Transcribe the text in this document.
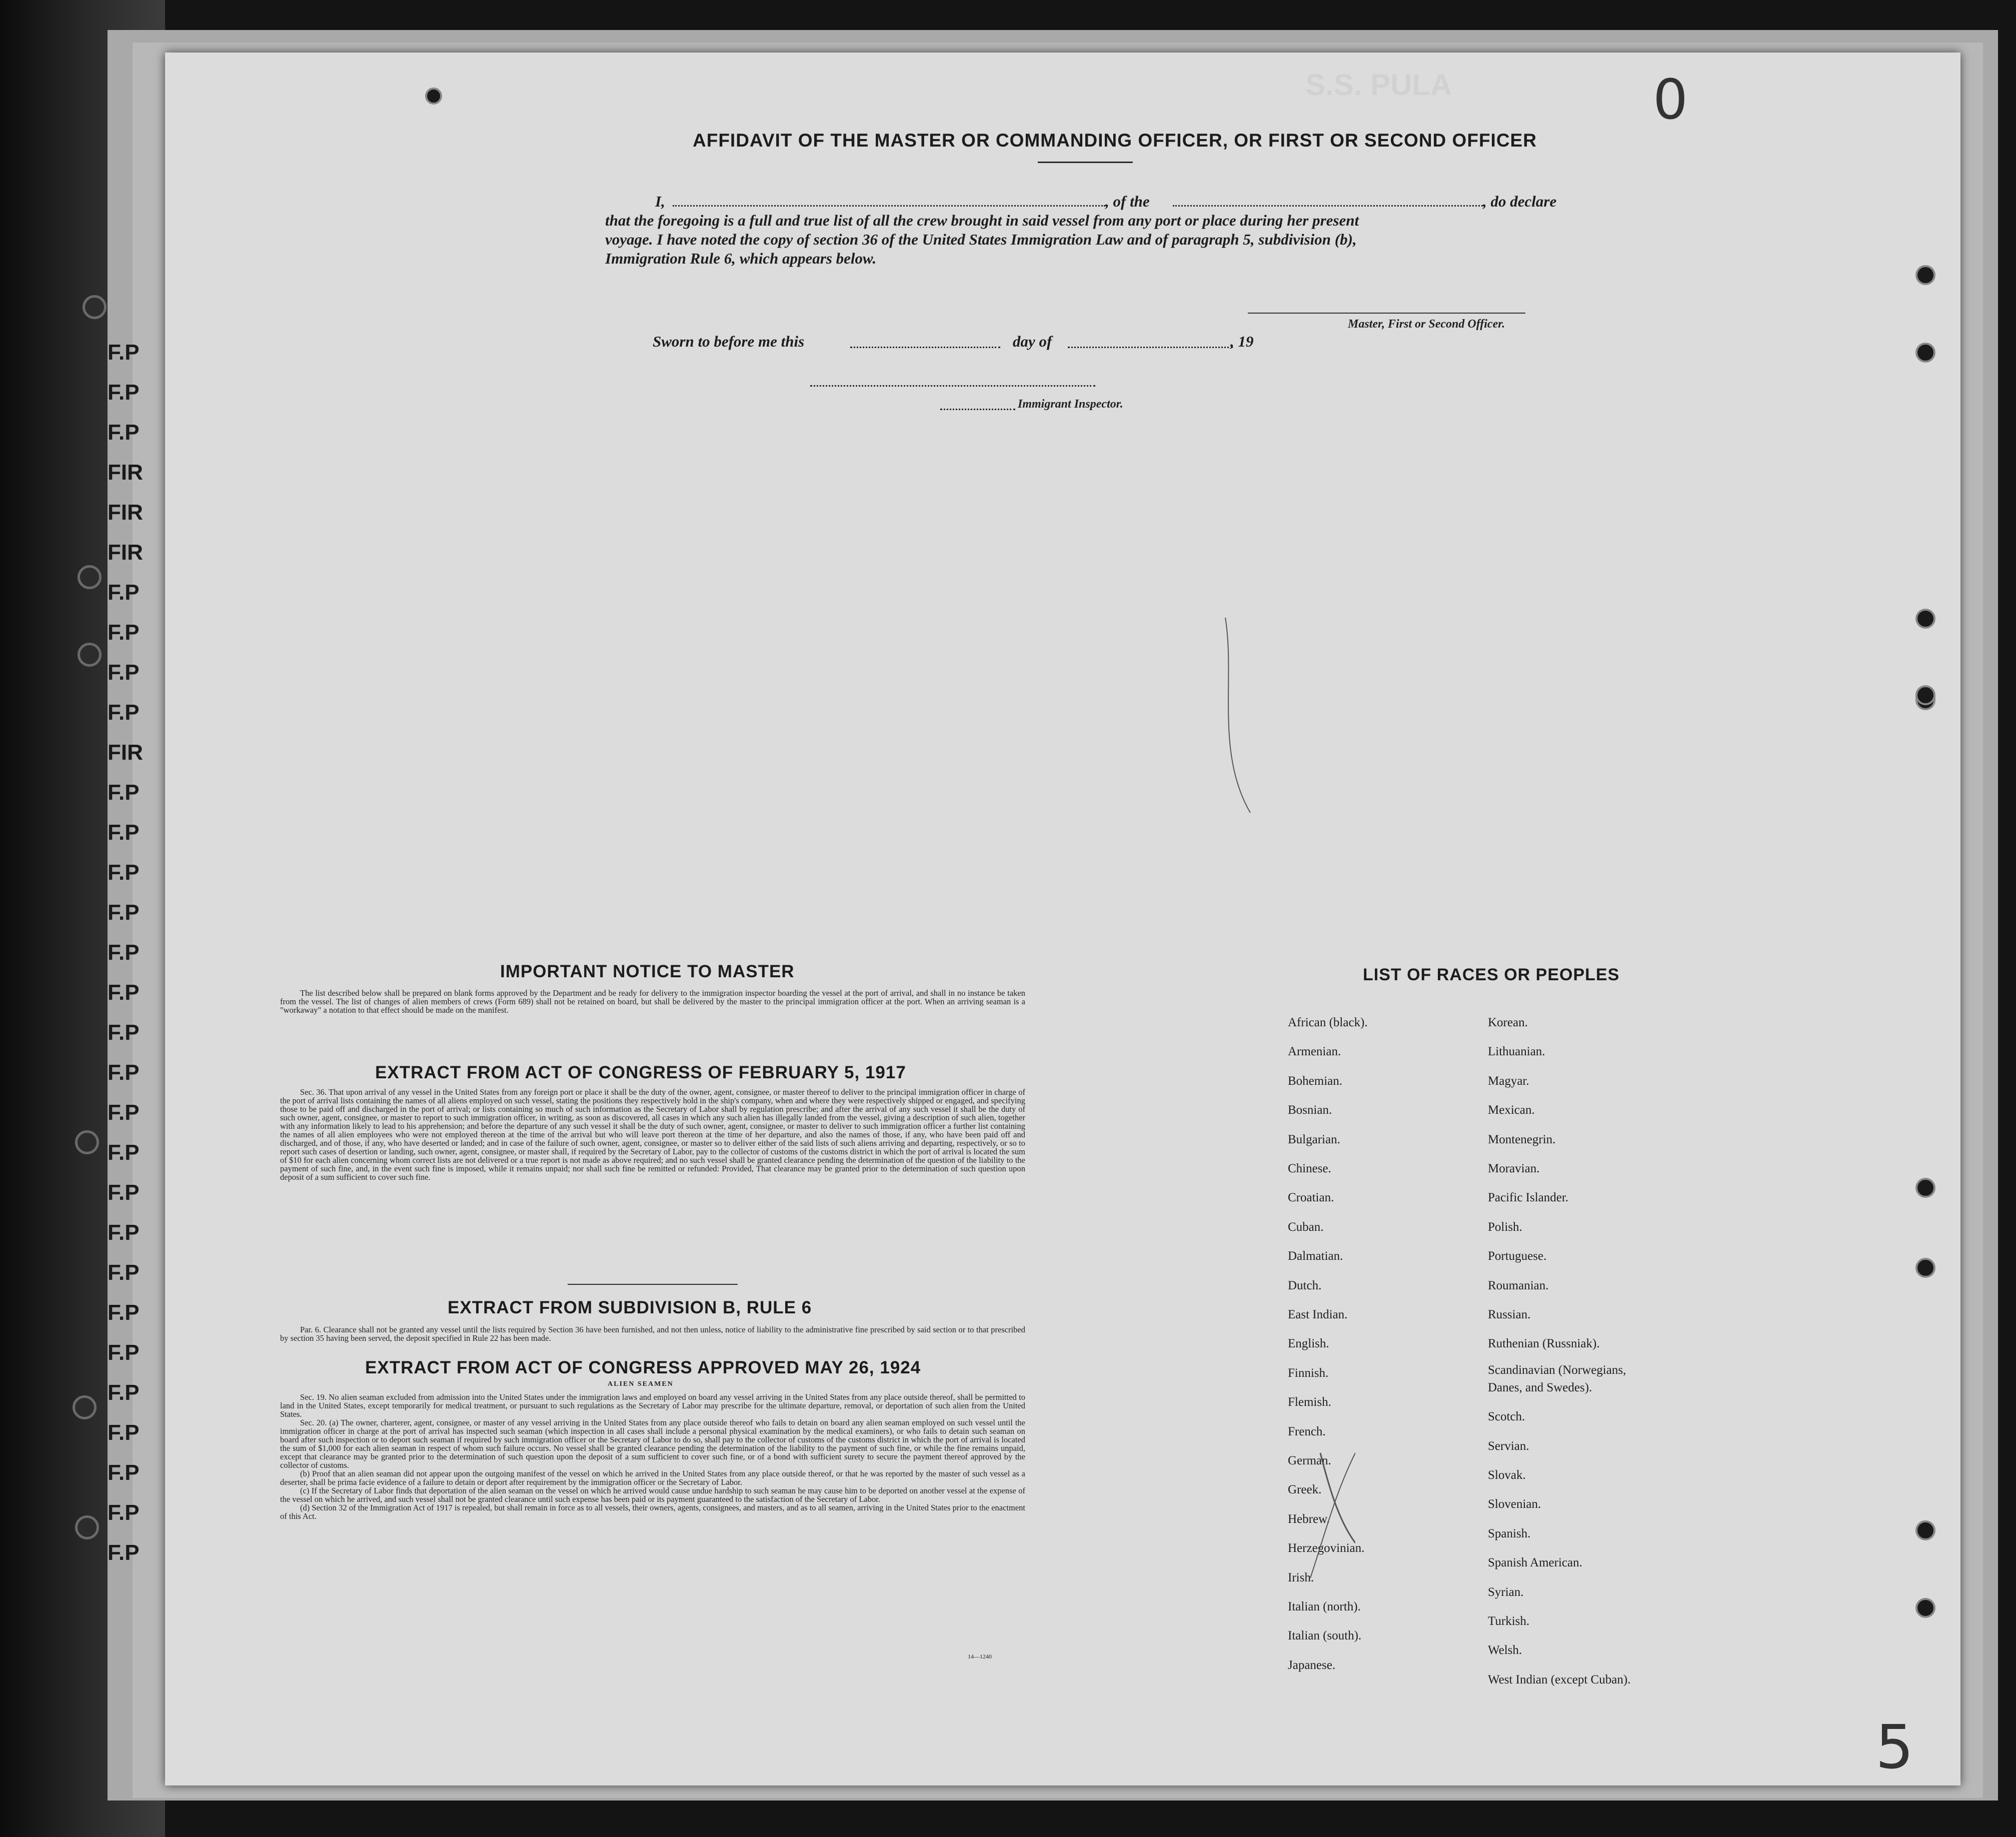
F.P
F.P
F.P
FIR
FIR
FIR
F.P
F.P
F.P
F.P
FIR
F.P
F.P
F.P
F.P
F.P
F.P
F.P
F.P
F.P
F.P
F.P
F.P
F.P
F.P
F.P
F.P
F.P
F.P
F.P
F.P
S.S. PULA	0
5
AFFIDAVIT OF THE MASTER OR COMMANDING OFFICER, OR FIRST OR SECOND OFFICER
I,	, of the	, do declare
that the foregoing is a full and true list of all the crew brought in said vessel from any port or place during her present
voyage. I have noted the copy of section 36 of the United States Immigration Law and of paragraph 5, subdivision (b),
Immigration Rule 6, which appears below.
Master, First or Second Officer.
Sworn to before me this	day of	, 19
Immigrant Inspector.
IMPORTANT NOTICE TO MASTER
The list described below shall be prepared on blank forms approved by the Department and be ready for delivery to the immigration inspector boarding the vessel at the port of arrival, and shall in no instance be taken from the vessel. The list of changes of alien members of crews (Form 689) shall not be retained on board, but shall be delivered by the master to the principal immigration officer at the port. When an arriving seaman is a "workaway" a notation to that effect should be made on the manifest.
EXTRACT FROM ACT OF CONGRESS OF FEBRUARY 5, 1917
Sec. 36. That upon arrival of any vessel in the United States from any foreign port or place it shall be the duty of the owner, agent, consignee, or master thereof to deliver to the principal immigration officer in charge of the port of arrival lists containing the names of all aliens employed on such vessel, stating the positions they respectively hold in the ship's company, when and where they were respectively shipped or engaged, and specifying those to be paid off and discharged in the port of arrival; or lists containing so much of such information as the Secretary of Labor shall by regulation prescribe; and after the arrival of any such vessel it shall be the duty of such owner, agent, consignee, or master to report to such immigration officer, in writing, as soon as discovered, all cases in which any such alien has illegally landed from the vessel, giving a description of such alien, together with any information likely to lead to his apprehension; and before the departure of any such vessel it shall be the duty of such owner, agent, consignee, or master to deliver to such immigration officer a further list containing the names of all alien employees who were not employed thereon at the time of the arrival but who will leave port thereon at the time of her departure, and also the names of those, if any, who have been paid off and discharged, and of those, if any, who have deserted or landed; and in case of the failure of such owner, agent, consignee, or master so to deliver either of the said lists of such aliens arriving and departing, respectively, or so to report such cases of desertion or landing, such owner, agent, consignee, or master shall, if required by the Secretary of Labor, pay to the collector of customs of the customs district in which the port of arrival is located the sum of $10 for each alien concerning whom correct lists are not delivered or a true report is not made as above required; and no such vessel shall be granted clearance pending the determination of the question of the liability to the payment of such fine, and, in the event such fine is imposed, while it remains unpaid; nor shall such fine be remitted or refunded: Provided, That clearance may be granted prior to the determination of such question upon deposit of a sum sufficient to cover such fine.
EXTRACT FROM SUBDIVISION B, RULE 6
Par. 6. Clearance shall not be granted any vessel until the lists required by Section 36 have been furnished, and not then unless, notice of liability to the administrative fine prescribed by said section or to that prescribed by section 35 having been served, the deposit specified in Rule 22 has been made.
EXTRACT FROM ACT OF CONGRESS APPROVED MAY 26, 1924
ALIEN SEAMEN
Sec. 19. No alien seaman excluded from admission into the United States under the immigration laws and employed on board any vessel arriving in the United States from any place outside thereof, shall be permitted to land in the United States, except temporarily for medical treatment, or pursuant to such regulations as the Secretary of Labor may prescribe for the ultimate departure, removal, or deportation of such alien from the United States.
Sec. 20. (a) The owner, charterer, agent, consignee, or master of any vessel arriving in the United States from any place outside thereof who fails to detain on board any alien seaman employed on such vessel until the immigration officer in charge at the port of arrival has inspected such seaman (which inspection in all cases shall include a personal physical examination by the medical examiners), or who fails to detain such seaman on board after such inspection or to deport such seaman if required by such immigration officer or the Secretary of Labor to do so, shall pay to the collector of customs of the customs district in which the port of arrival is located the sum of $1,000 for each alien seaman in respect of whom such failure occurs. No vessel shall be granted clearance pending the determination of the liability to the payment of such fine, or while the fine remains unpaid, except that clearance may be granted prior to the determination of such question upon the deposit of a sum sufficient to cover such fine, or of a bond with sufficient surety to secure the payment thereof approved by the collector of customs.
(b) Proof that an alien seaman did not appear upon the outgoing manifest of the vessel on which he arrived in the United States from any place outside thereof, or that he was reported by the master of such vessel as a deserter, shall be prima facie evidence of a failure to detain or deport after requirement by the immigration officer or the Secretary of Labor.
(c) If the Secretary of Labor finds that deportation of the alien seaman on the vessel on which he arrived would cause undue hardship to such seaman he may cause him to be deported on another vessel at the expense of the vessel on which he arrived, and such vessel shall not be granted clearance until such expense has been paid or its payment guaranteed to the satisfaction of the Secretary of Labor.
(d) Section 32 of the Immigration Act of 1917 is repealed, but shall remain in force as to all vessels, their owners, agents, consignees, and masters, and as to all seamen, arriving in the United States prior to the enactment of this Act.
14—1240
LIST OF RACES OR PEOPLES
African (black).
Armenian.
Bohemian.
Bosnian.
Bulgarian.
Chinese.
Croatian.
Cuban.
Dalmatian.
Dutch.
East Indian.
English.
Finnish.
Flemish.
French.
German.
Greek.
Hebrew.
Herzegovinian.
Irish.
Italian (north).
Italian (south).
Japanese.
Korean.
Lithuanian.
Magyar.
Mexican.
Montenegrin.
Moravian.
Pacific Islander.
Polish.
Portuguese.
Roumanian.
Russian.
Ruthenian (Russniak).
Scandinavian (Norwegians,
Danes, and Swedes).
Scotch.
Servian.
Slovak.
Slovenian.
Spanish.
Spanish American.
Syrian.
Turkish.
Welsh.
West Indian (except Cuban).
